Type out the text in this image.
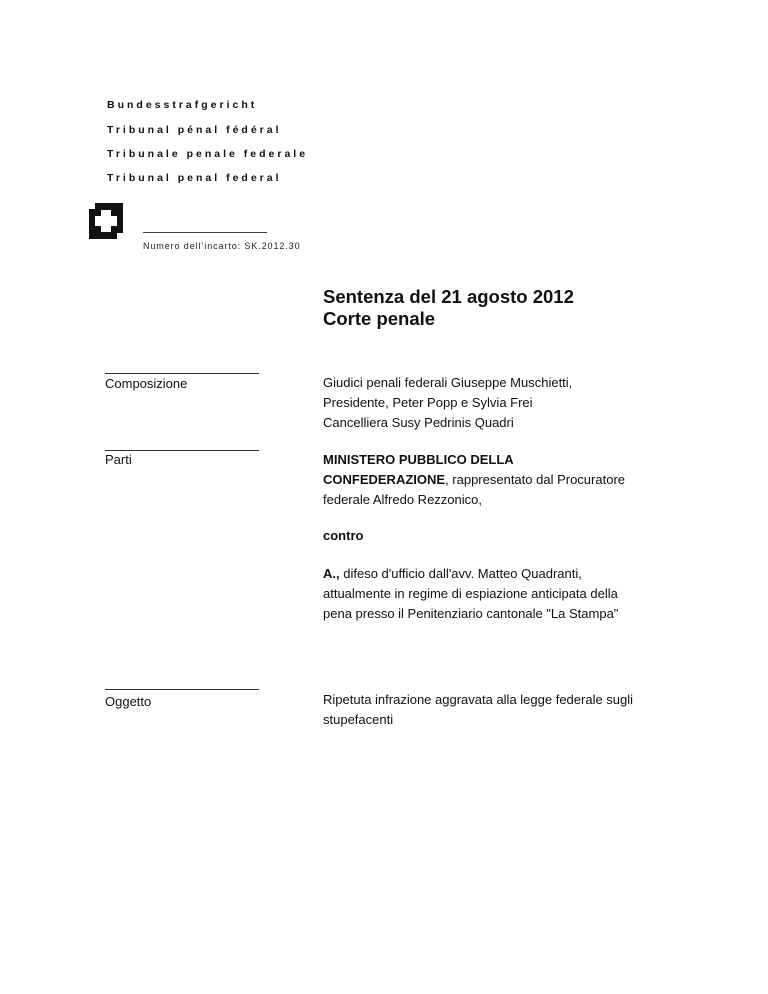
Bundesstrafgericht
Tribunal pénal fédéral
Tribunale penale federale
Tribunal penal federal
Numero dell’incarto: SK.2012.30
Sentenza del 21 agosto 2012
Corte penale
Composizione	Giudici penali federali Giuseppe Muschietti,
Presidente, Peter Popp e Sylvia Frei
Cancelliera Susy Pedrinis Quadri
Parti	MINISTERO PUBBLICO DELLA
CONFEDERAZIONE, rappresentato dal Procuratore
federale Alfredo Rezzonico,
contro
A., difeso d'ufficio dall'avv. Matteo Quadranti,
attualmente in regime di espiazione anticipata della
pena presso il Penitenziario cantonale "La Stampa"
Oggetto	Ripetuta infrazione aggravata alla legge federale sugli
stupefacenti
